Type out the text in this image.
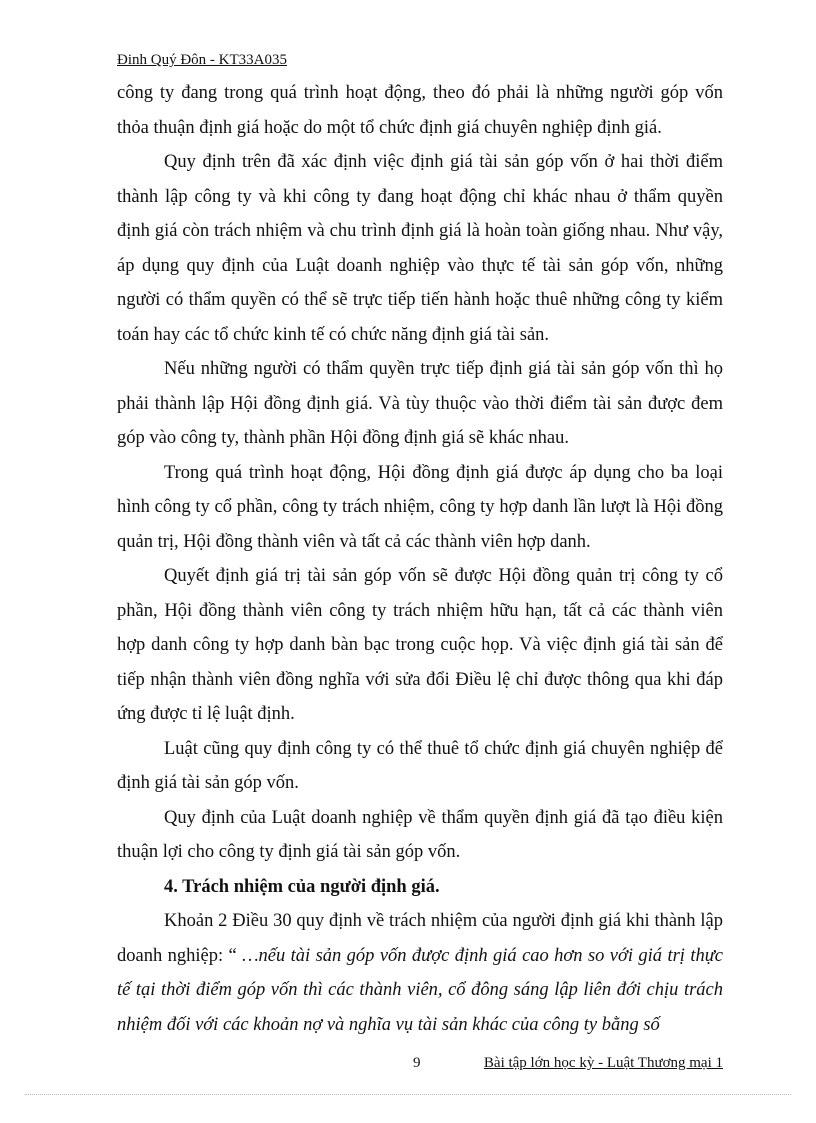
Đinh Quý Đôn - KT33A035

công ty đang trong quá trình hoạt động, theo đó phải là những người góp vốn thỏa thuận định giá hoặc do một tổ chức định giá chuyên nghiệp định giá.

Quy định trên đã xác định việc định giá tài sản góp vốn ở hai thời điểm thành lập công ty và khi công ty đang hoạt động chỉ khác nhau ở thẩm quyền định giá còn trách nhiệm và chu trình định giá là hoàn toàn giống nhau. Như vậy, áp dụng quy định của Luật doanh nghiệp vào thực tế tài sản góp vốn, những người có thẩm quyền có thể sẽ trực tiếp tiến hành hoặc thuê những công ty kiểm toán hay các tổ chức kinh tế có chức năng định giá tài sản.

Nếu những người có thẩm quyền trực tiếp định giá tài sản góp vốn thì họ phải thành lập Hội đồng định giá. Và tùy thuộc vào thời điểm tài sản được đem góp vào công ty, thành phần Hội đồng định giá sẽ khác nhau.

Trong quá trình hoạt động, Hội đồng định giá được áp dụng cho ba loại hình công ty cổ phần, công ty trách nhiệm, công ty hợp danh lần lượt là Hội đồng quản trị, Hội đồng thành viên và tất cả các thành viên hợp danh.

Quyết định giá trị tài sản góp vốn sẽ được Hội đồng quản trị công ty cổ phần, Hội đồng thành viên công ty trách nhiệm hữu hạn, tất cả các thành viên hợp danh công ty hợp danh bàn bạc trong cuộc họp. Và việc định giá tài sản để tiếp nhận thành viên đồng nghĩa với sửa đổi Điều lệ chỉ được thông qua khi đáp ứng được tỉ lệ luật định.

Luật cũng quy định công ty có thể thuê tổ chức định giá chuyên nghiệp để định giá tài sản góp vốn.

Quy định của Luật doanh nghiệp về thẩm quyền định giá đã tạo điều kiện thuận lợi cho công ty định giá tài sản góp vốn.

4. Trách nhiệm của người định giá.

Khoản 2 Điều 30 quy định về trách nhiệm của người định giá khi thành lập doanh nghiệp: “ …nếu tài sản góp vốn được định giá cao hơn so với giá trị thực tế tại thời điểm góp vốn thì các thành viên, cổ đông sáng lập liên đới chịu trách nhiệm đối với các khoản nợ và nghĩa vụ tài sản khác của công ty bằng số

9	Bài tập lớn học kỳ - Luật Thương mại 1
